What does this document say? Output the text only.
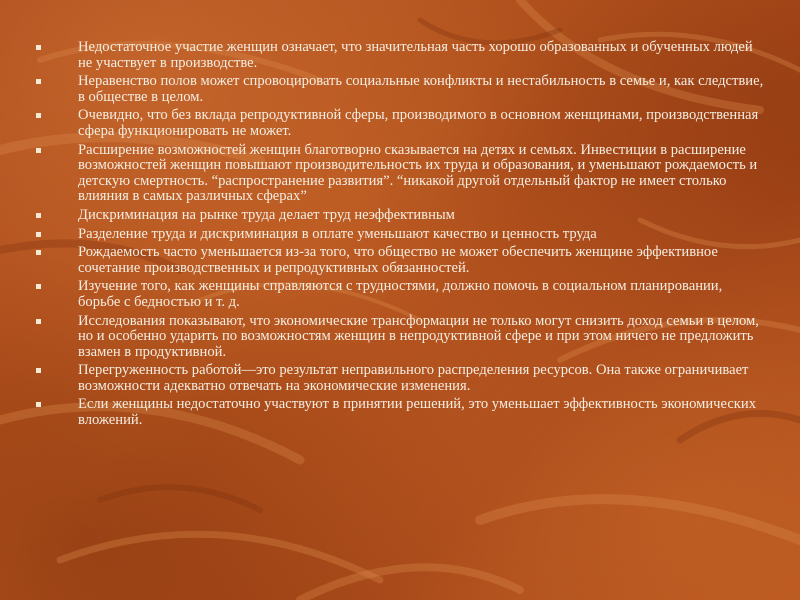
Недостаточное участие женщин означает, что значительная часть хорошо образованных и обученных людей не участвует в производстве.
Неравенство полов может спровоцировать социальные конфликты и нестабильность в семье и, как следствие, в обществе в целом.
Очевидно, что без вклада репродуктивной сферы, производимого в основном женщинами, производственная сфера функционировать не может.
Расширение возможностей женщин благотворно сказывается на детях и семьях. Инвестиции в расширение возможностей женщин повышают производительность их труда и образования, и уменьшают рождаемость и детскую смертность. “распространение развития”. “никакой другой отдельный фактор не имеет столько влияния в самых различных сферах”
Дискриминация на рынке труда делает труд неэффективным
Разделение труда и дискриминация в оплате уменьшают качество и ценность труда
Рождаемость часто уменьшается из-за того, что общество не может обеспечить женщине эффективное сочетание производственных и репродуктивных обязанностей.
Изучение того, как женщины справляются с трудностями, должно помочь в социальном планировании, борьбе с бедностью и т. д.
Исследования показывают, что экономические трансформации не только могут снизить доход семьи в целом, но и особенно ударить по возможностям женщин в непродуктивной сфере и при этом ничего не предложить взамен в продуктивной.
Перегруженность работой—это результат неправильного распределения ресурсов. Она также ограничивает возможности адекватно отвечать на экономические изменения.
Если женщины недостаточно участвуют в принятии решений, это уменьшает эффективность экономических вложений.
